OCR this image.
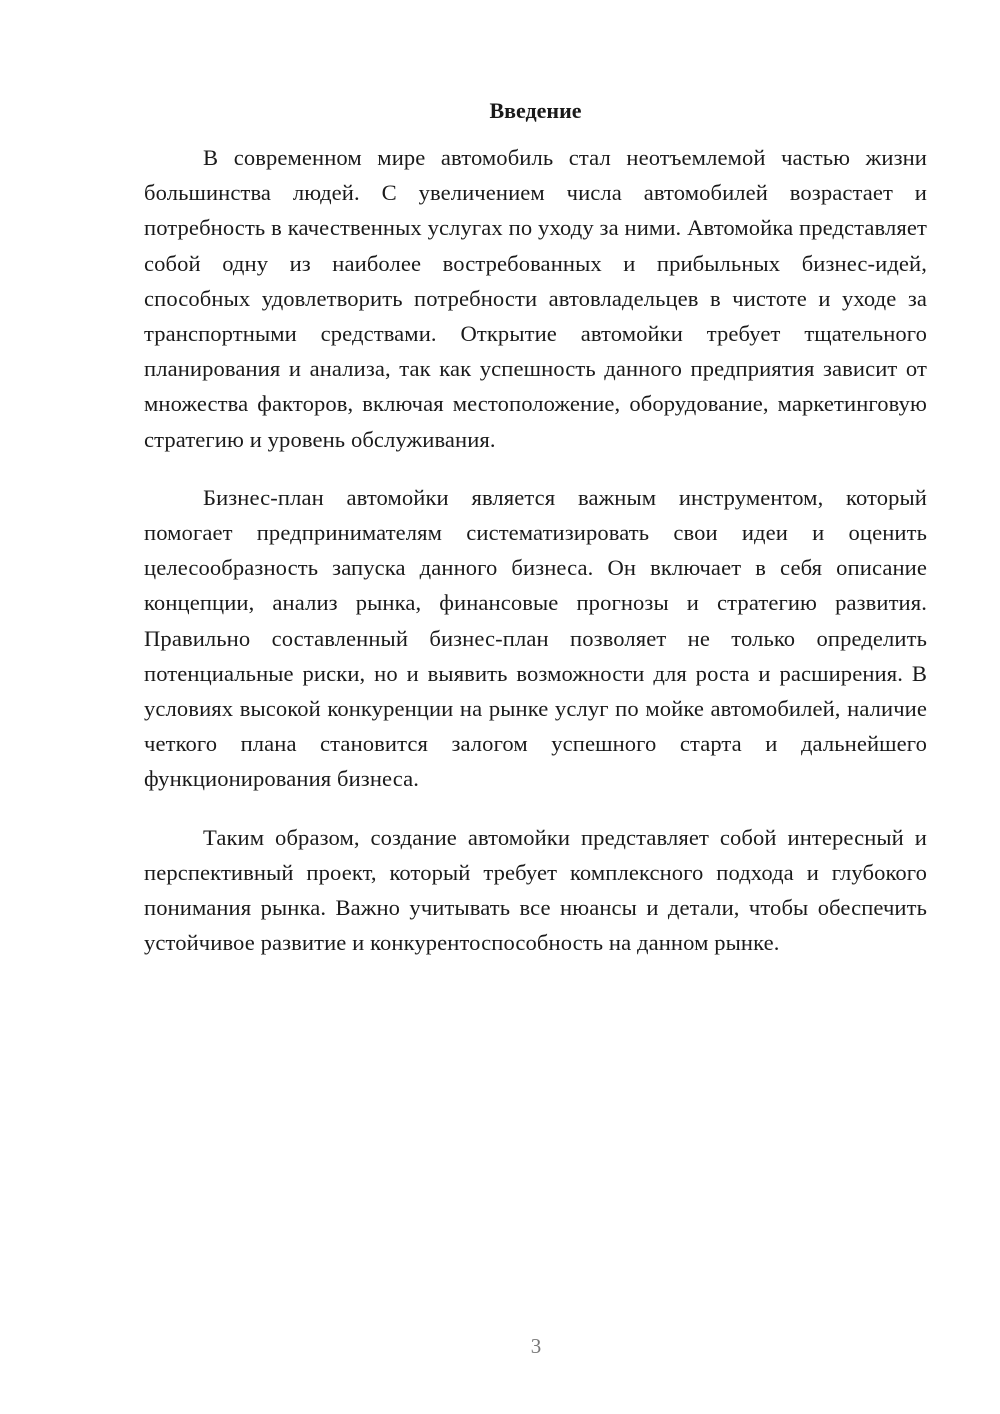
Введение

В современном мире автомобиль стал неотъемлемой частью жизни большинства людей. С увеличением числа автомобилей возрастает и потребность в качественных услугах по уходу за ними. Автомойка представляет собой одну из наиболее востребованных и прибыльных бизнес-идей, способных удовлетворить потребности автовладельцев в чистоте и уходе за транспортными средствами. Открытие автомойки требует тщательного планирования и анализа, так как успешность данного предприятия зависит от множества факторов, включая местоположение, оборудование, маркетинговую стратегию и уровень обслуживания.

Бизнес-план автомойки является важным инструментом, который помогает предпринимателям систематизировать свои идеи и оценить целесообразность запуска данного бизнеса. Он включает в себя описание концепции, анализ рынка, финансовые прогнозы и стратегию развития. Правильно составленный бизнес-план позволяет не только определить потенциальные риски, но и выявить возможности для роста и расширения. В условиях высокой конкуренции на рынке услуг по мойке автомобилей, наличие четкого плана становится залогом успешного старта и дальнейшего функционирования бизнеса.

Таким образом, создание автомойки представляет собой интересный и перспективный проект, который требует комплексного подхода и глубокого понимания рынка. Важно учитывать все нюансы и детали, чтобы обеспечить устойчивое развитие и конкурентоспособность на данном рынке.

3
